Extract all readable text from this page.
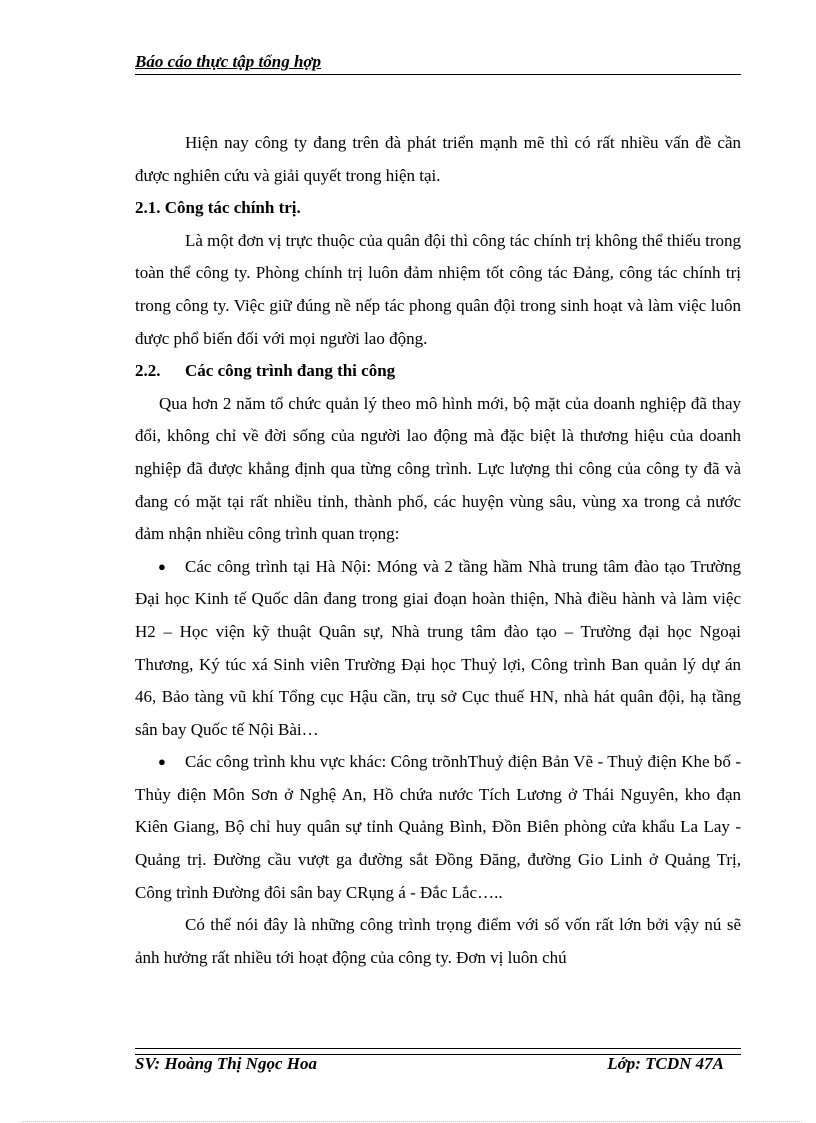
Báo cáo thực tập tổng hợp

Hiện nay công ty đang trên đà phát triển mạnh mẽ thì có rất nhiều vấn đề cần được nghiên cứu và giải quyết trong hiện tại.

2.1. Công tác chính trị.

Là một đơn vị trực thuộc của quân đội thì công tác chính trị không thể thiếu trong toàn thể công ty. Phòng chính trị luôn đảm nhiệm tốt công tác Đảng, công tác chính trị trong công ty. Việc giữ đúng nề nếp tác phong quân đội trong sinh hoạt và làm việc luôn được phổ biến đối với mọi người lao động.

2.2. Các công trình đang thi công

Qua hơn 2 năm tổ chức quản lý theo mô hình mới, bộ mặt của doanh nghiệp đã thay đổi, không chỉ về đời sống của người lao động mà đặc biệt là thương hiệu của doanh nghiệp đã được khẳng định qua từng công trình. Lực lượng thi công của công ty đã và đang có mặt tại rất nhiều tỉnh, thành phố, các huyện vùng sâu, vùng xa trong cả nước đảm nhận nhiều công trình quan trọng:

● Các công trình tại Hà Nội: Móng và 2 tầng hầm Nhà trung tâm đào tạo Trường Đại học Kinh tế Quốc dân đang trong giai đoạn hoàn thiện, Nhà điều hành và làm việc H2 – Học viện kỹ thuật Quân sự, Nhà trung tâm đào tạo – Trường đại học Ngoại Thương, Ký túc xá Sinh viên Trường Đại học Thuỷ lợi, Công trình Ban quản lý dự án 46, Bảo tàng vũ khí Tổng cục Hậu cần, trụ sở Cục thuế HN, nhà hát quân đội, hạ tầng sân bay Quốc tế Nội Bài…

● Các công trình khu vực khác: Công trõnhThuỷ điện Bản Vẽ - Thuỷ điện Khe bố - Thủy điện Môn Sơn ở Nghệ An, Hồ chứa nước Tích Lương ở Thái Nguyên, kho đạn Kiên Giang, Bộ chỉ huy quân sự tỉnh Quảng Bình, Đồn Biên phòng cửa khẩu La Lay - Quảng trị. Đường cầu vượt ga đường sắt Đồng Đăng, đường Gio Linh ở Quảng Trị, Công trình Đường đôi sân bay CRụng á - Đắc Lắc…..

Có thể nói đây là những công trình trọng điểm với số vốn rất lớn bởi vậy nú sẽ ảnh hưởng rất nhiều tới hoạt động của công ty. Đơn vị luôn chú

SV: Hoàng Thị Ngọc Hoa	Lớp: TCDN 47A
